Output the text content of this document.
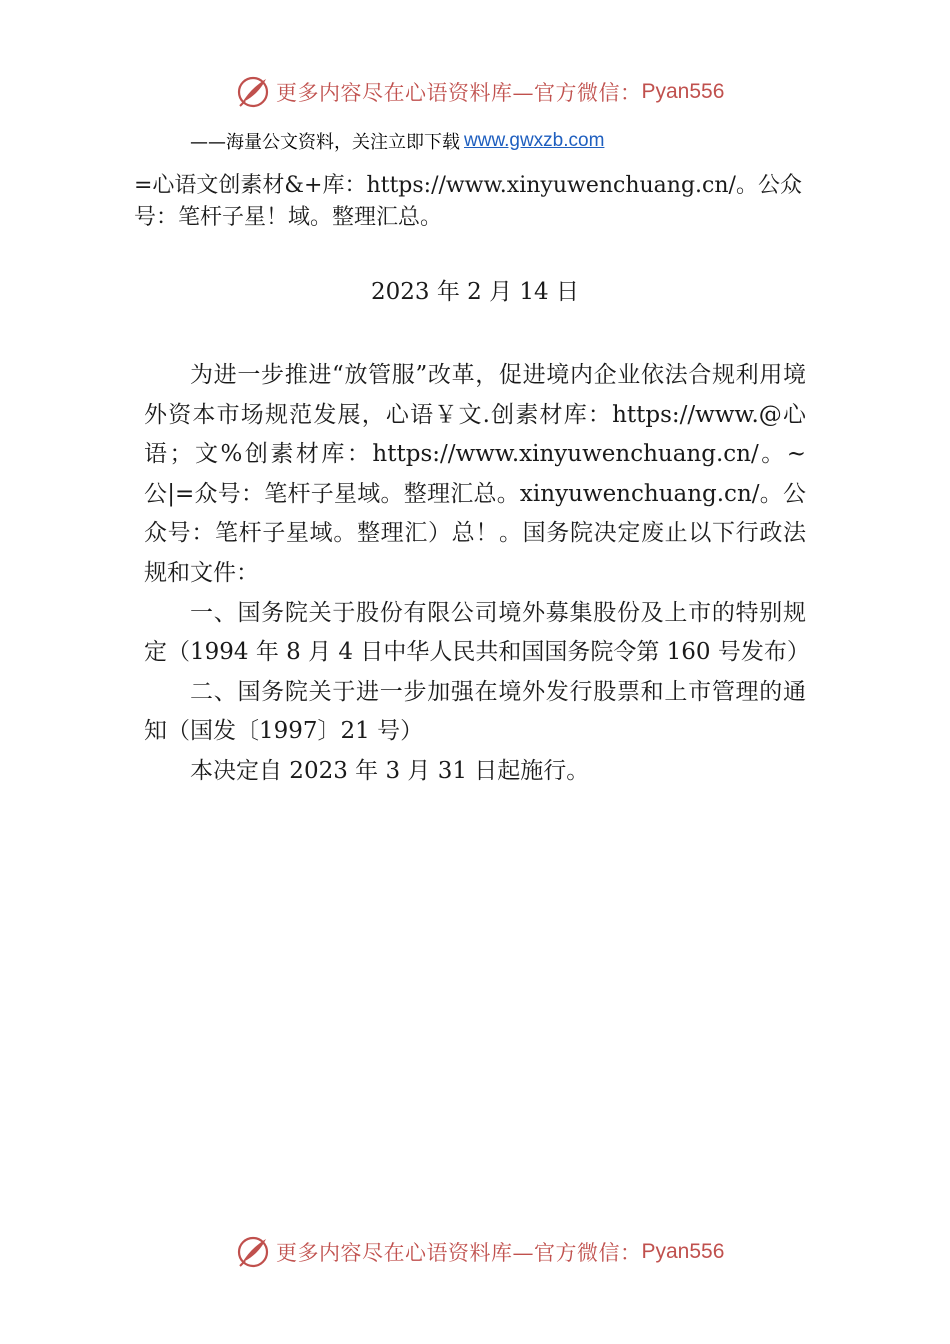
更多内容尽在心语资料库—官方微信： Pyan556
——海量公文资料，关注立即下载 www.gwxzb.com

=心语文创素材&+库：https://www.xinyuwenchuang.cn/。公众号：笔杆子星！域。整理汇总。

2023 年 2 月 14 日

为进一步推进“放管服”改革，促进境内企业依法合规利用境外资本市场规范发展，心语￥文.创素材库：https://www.@心语；文%创素材库：https://www.xinyuwenchuang.cn/。~公|=众号：笔杆子星域。整理汇总。xinyuwenchuang.cn/。公众号：笔杆子星域。整理汇）总！。国务院决定废止以下行政法规和文件：

一、国务院关于股份有限公司境外募集股份及上市的特别规定（1994 年 8 月 4 日中华人民共和国国务院令第 160 号发布）

二、国务院关于进一步加强在境外发行股票和上市管理的通知（国发〔1997〕21 号）

本决定自 2023 年 3 月 31 日起施行。

更多内容尽在心语资料库—官方微信： Pyan556
